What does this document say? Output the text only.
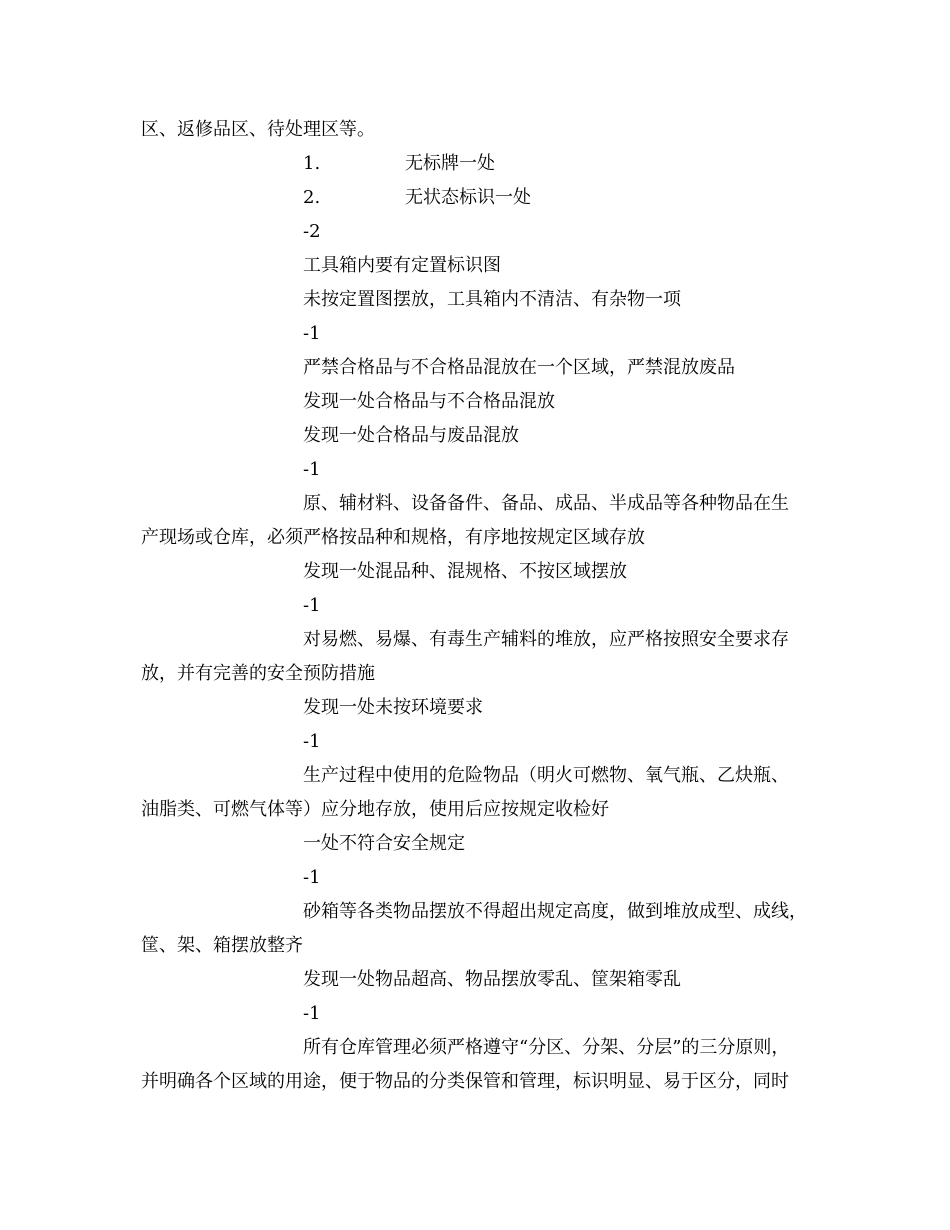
区、返修品区、待处理区等。
1.	无标牌一处
2.	无状态标识一处
-2
工具箱内要有定置标识图
未按定置图摆放，工具箱内不清洁、有杂物一项
-1
严禁合格品与不合格品混放在一个区域，严禁混放废品
发现一处合格品与不合格品混放
发现一处合格品与废品混放
-1
原、辅材料、设备备件、备品、成品、半成品等各种物品在生
产现场或仓库，必须严格按品种和规格，有序地按规定区域存放
发现一处混品种、混规格、不按区域摆放
-1
对易燃、易爆、有毒生产辅料的堆放，应严格按照安全要求存
放，并有完善的安全预防措施
发现一处未按环境要求
-1
生产过程中使用的危险物品（明火可燃物、氧气瓶、乙炔瓶、
油脂类、可燃气体等）应分地存放，使用后应按规定收检好
一处不符合安全规定
-1
砂箱等各类物品摆放不得超出规定高度，做到堆放成型、成线，
筐、架、箱摆放整齐
发现一处物品超高、物品摆放零乱、筐架箱零乱
-1
所有仓库管理必须严格遵守“分区、分架、分层”的三分原则，
并明确各个区域的用途，便于物品的分类保管和管理，标识明显、易于区分，同时
